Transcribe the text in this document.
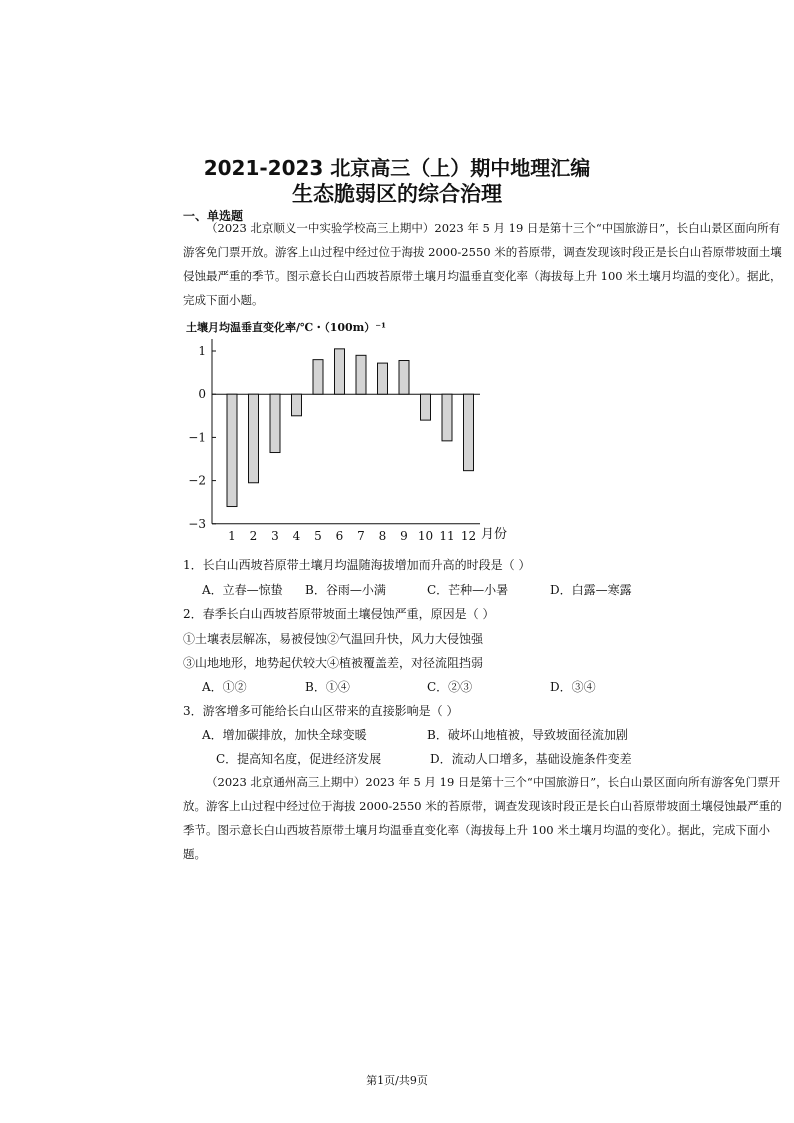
2021-2023 北京高三（上）期中地理汇编
生态脆弱区的综合治理
一、单选题
（2023 北京顺义一中实验学校高三上期中）2023 年 5 月 19 日是第十三个“中国旅游日”，长白山景区面向所有游客免门票开放。游客上山过程中经过位于海拔 2000-2550 米的苔原带，调查发现该时段正是长白山苔原带坡面土壤侵蚀最严重的季节。图示意长白山西坡苔原带土壤月均温垂直变化率（海拔每上升 100 米土壤月均温的变化）。据此，完成下面小题。
土壤月均温垂直变化率/℃・（100m）⁻¹
1 2 3 4 5 6 7 8 9 10 11 12
1
0
−1
−2
−3
月份
1．长白山西坡苔原带土壤月均温随海拔增加而升高的时段是（ ）
A．立春—惊蛰 B．谷雨—小满	C．芒种—小暑	D．白露—寒露
2．春季长白山西坡苔原带坡面土壤侵蚀严重，原因是（ ）
①土壤表层解冻，易被侵蚀②气温回升快，风力大侵蚀强
③山地地形，地势起伏较大④植被覆盖差，对径流阻挡弱
A．①②	B．①④	C．②③	D．③④
3．游客增多可能给长白山区带来的直接影响是（ ）
A．增加碳排放，加快全球变暖	B．破坏山地植被，导致坡面径流加剧
C．提高知名度，促进经济发展	D．流动人口增多，基础设施条件变差
（2023 北京通州高三上期中）2023 年 5 月 19 日是第十三个“中国旅游日”，长白山景区面向所有游客免门票开放。游客上山过程中经过位于海拔 2000-2550 米的苔原带，调查发现该时段正是长白山苔原带坡面土壤侵蚀最严重的季节。图示意长白山西坡苔原带土壤月均温垂直变化率（海拔每上升 100 米土壤月均温的变化）。据此，完成下面小题。
第1页/共9页
